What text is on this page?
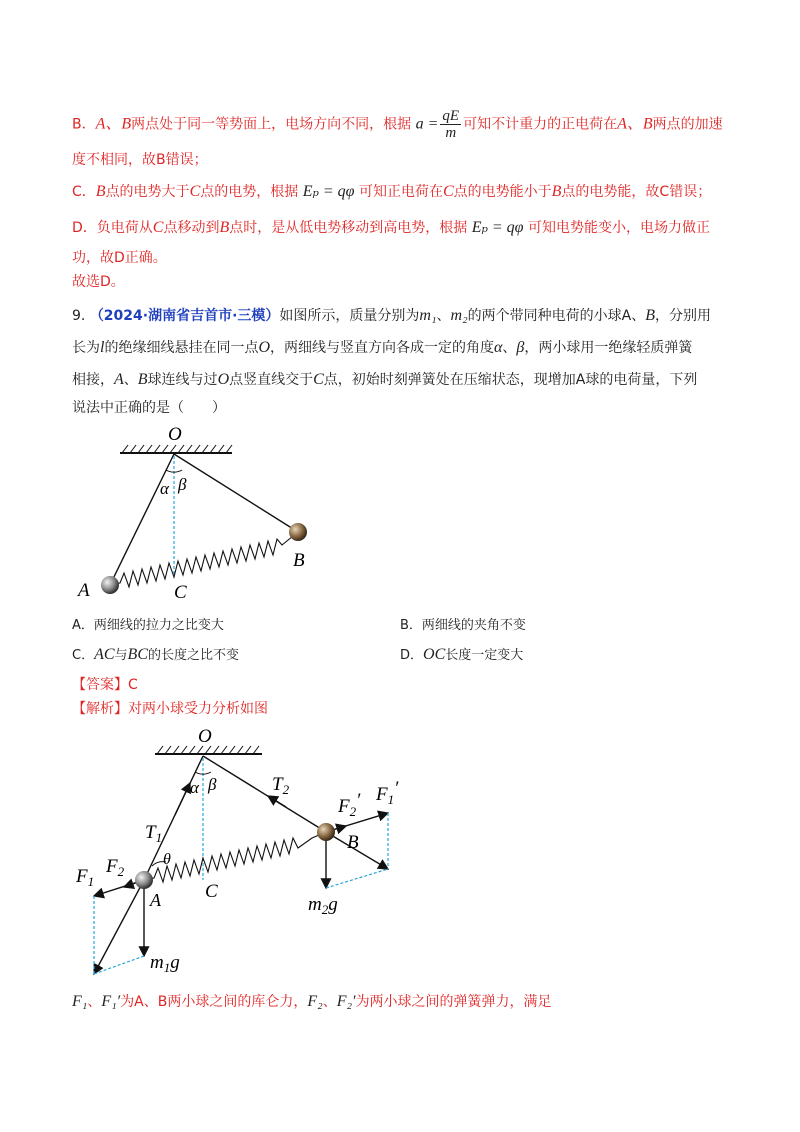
B．A、B两点处于同一等势面上，电场方向不同，根据 $a = \frac{qE}{m}$ 可知不计重力的正电荷在A、B两点的加速
度不相同，故B错误；
C．B点的电势大于C点的电势，根据 Eₚ = qφ 可知正电荷在C点的电势能小于B点的电势能，故C错误；
D．负电荷从C点移动到B点时，是从低电势移动到高电势，根据 Eₚ = qφ 可知电势能变小，电场力做正
功，故D正确。
故选D。
9. （2024·湖南省吉首市·三模）如图所示，质量分别为m₁、m₂的两个带同种电荷的小球A、B，分别用
长为l的绝缘细线悬挂在同一点O，两细线与竖直方向各成一定的角度α、β，两小球用一绝缘轻质弹簧
相接，A、B球连线与过O点竖直线交于C点，初始时刻弹簧处在压缩状态，现增加A球的电荷量，下列
说法中正确的是（　　）
O
α β
B
A	C
A．两细线的拉力之比变大	B．两细线的夹角不变
C．AC与BC的长度之比不变	D．OC长度一定变大
【答案】C
【解析】对两小球受力分析如图
O
α β
$T_1$
$T_2$
θ
$F_1$
$F_2$
A C
$m_1g$
$F_2'$ $F_1'$
B
$m_2g$
F₁、F₁′为A、B两小球之间的库仑力，F₂、F₂′为两小球之间的弹簧弹力，满足
